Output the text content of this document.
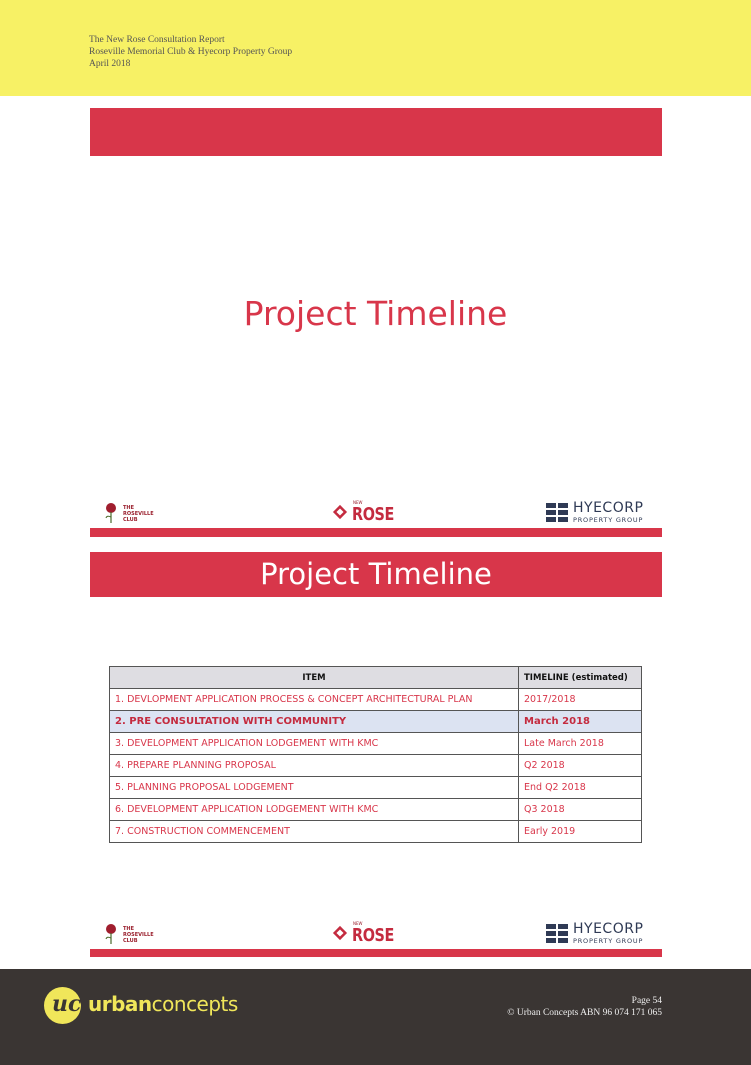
The New Rose Consultation Report
Roseville Memorial Club & Hyecorp Property Group
April 2018
Project Timeline
THE
ROSEVILLE
CLUB
NEW
ROSE	HYECORP
PROPERTY GROUP
Project Timeline
ITEM	TIMELINE (estimated)
1. DEVLOPMENT APPLICATION PROCESS & CONCEPT ARCHITECTURAL PLAN	2017/2018
2. PRE CONSULTATION WITH COMMUNITY	March 2018
3. DEVELOPMENT APPLICATION LODGEMENT WITH KMC	Late March 2018
4. PREPARE PLANNING PROPOSAL	Q2 2018
5. PLANNING PROPOSAL LODGEMENT	End Q2 2018
6. DEVELOPMENT APPLICATION LODGEMENT WITH KMC	Q3 2018
7. CONSTRUCTION COMMENCEMENT	Early 2019
THE
ROSEVILLE
CLUB
NEW
ROSE	HYECORP
PROPERTY GROUP
uc urbanconcepts	Page 54
© Urban Concepts ABN 96 074 171 065
